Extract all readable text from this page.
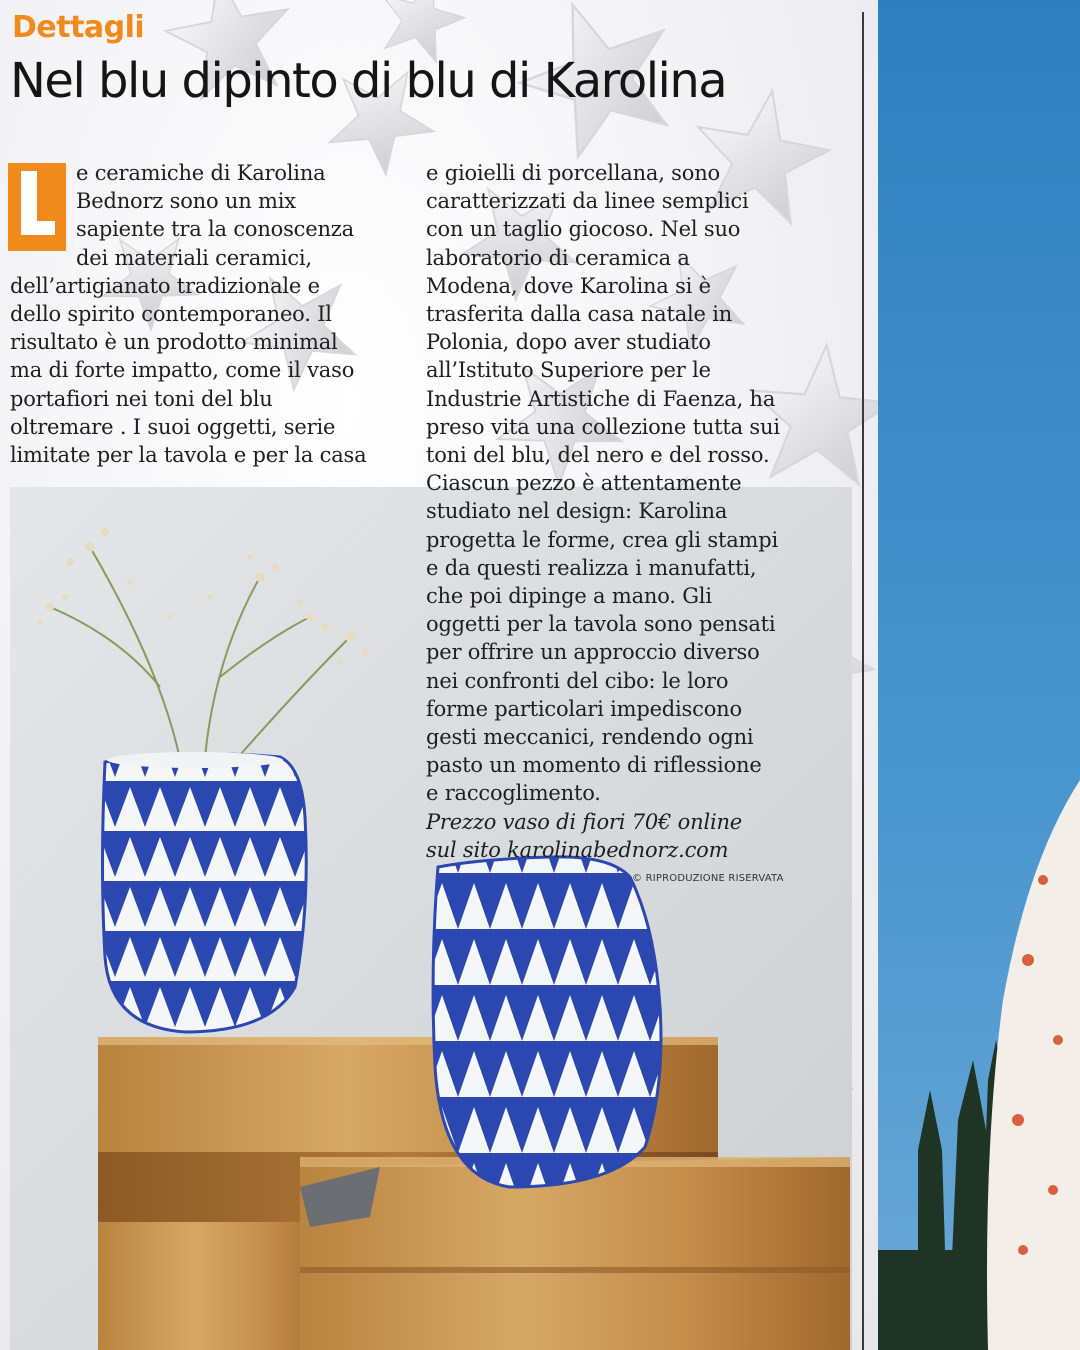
Dettagli
Nel blu dipinto di blu di Karolina
e ceramiche di Karolina
Bednorz sono un mix
sapiente tra la conoscenza
dei materiali ceramici,
dell’artigianato tradizionale e
dello spirito contemporaneo. Il
risultato è un prodotto minimal
ma di forte impatto, come il vaso
portafiori nei toni del blu
oltremare . I suoi oggetti, serie
limitate per la tavola e per la casa
e gioielli di porcellana, sono
caratterizzati da linee semplici
con un taglio giocoso. Nel suo
laboratorio di ceramica a
Modena, dove Karolina si è
trasferita dalla casa natale in
Polonia, dopo aver studiato
all’Istituto Superiore per le
Industrie Artistiche di Faenza, ha
preso vita una collezione tutta sui
toni del blu, del nero e del rosso.
Ciascun pezzo è attentamente
studiato nel design: Karolina
progetta le forme, crea gli stampi
e da questi realizza i manufatti,
che poi dipinge a mano. Gli
oggetti per la tavola sono pensati
per offrire un approccio diverso
nei confronti del cibo: le loro
forme particolari impediscono
gesti meccanici, rendendo ogni
pasto un momento di riflessione
e raccoglimento.
Prezzo vaso di fiori 70€ online
sul sito karolinabednorz.com
© RIPRODUZIONE RISERVATA
